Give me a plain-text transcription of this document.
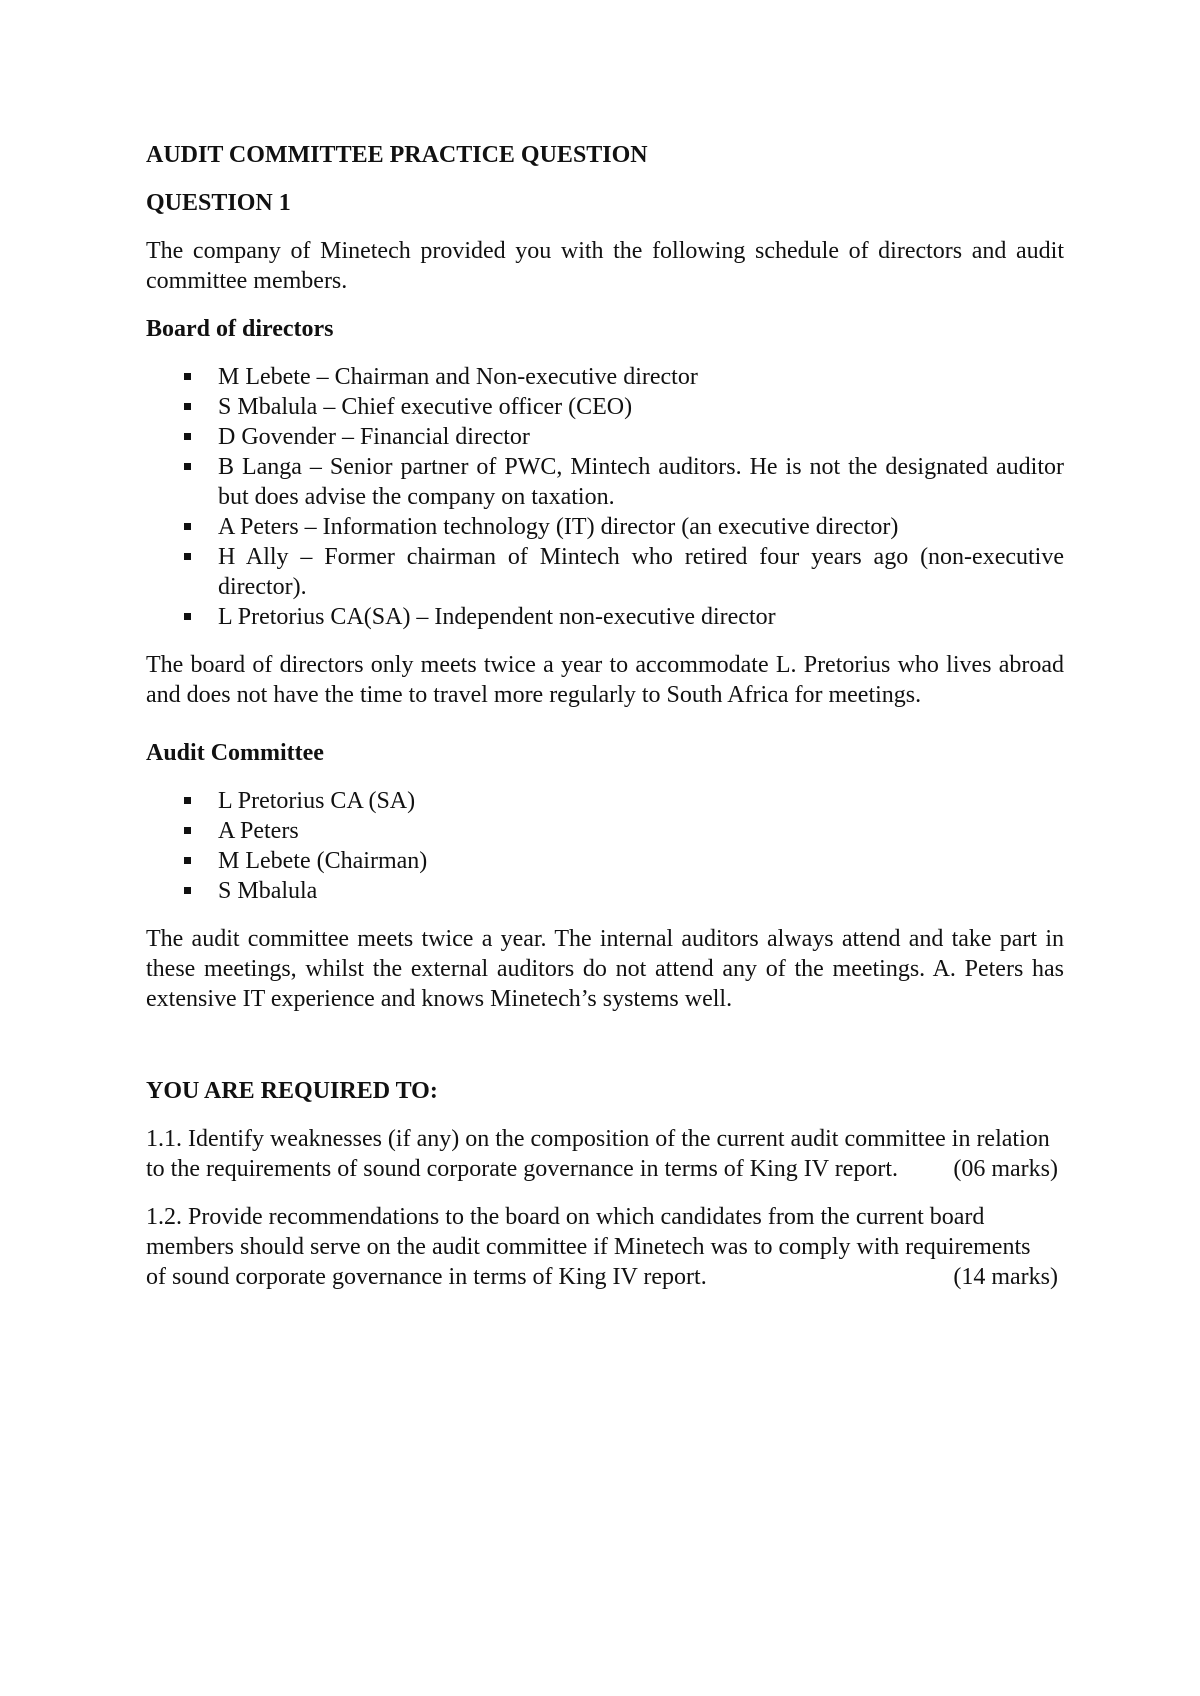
AUDIT COMMITTEE PRACTICE QUESTION
QUESTION 1

The company of Minetech provided you with the following schedule of directors and audit committee members.

Board of directors
M Lebete – Chairman and Non-executive director
S Mbalula – Chief executive officer (CEO)
D Govender – Financial director
B Langa – Senior partner of PWC, Mintech auditors. He is not the designated auditor but does advise the company on taxation.
A Peters – Information technology (IT) director (an executive director)
H Ally – Former chairman of Mintech who retired four years ago (non-executive director).
L Pretorius CA(SA) – Independent non-executive director

The board of directors only meets twice a year to accommodate L. Pretorius who lives abroad and does not have the time to travel more regularly to South Africa for meetings.

Audit Committee
L Pretorius CA (SA)
A Peters
M Lebete (Chairman)
S Mbalula

The audit committee meets twice a year. The internal auditors always attend and take part in these meetings, whilst the external auditors do not attend any of the meetings. A. Peters has extensive IT experience and knows Minetech’s systems well.

YOU ARE REQUIRED TO:

1.1. Identify weaknesses (if any) on the composition of the current audit committee in relation

to the requirements of sound corporate governance in terms of King IV report. (06 marks)

1.2. Provide recommendations to the board on which candidates from the current board
members should serve on the audit committee if Minetech was to comply with requirements

of sound corporate governance in terms of King IV report.	(14 marks)
